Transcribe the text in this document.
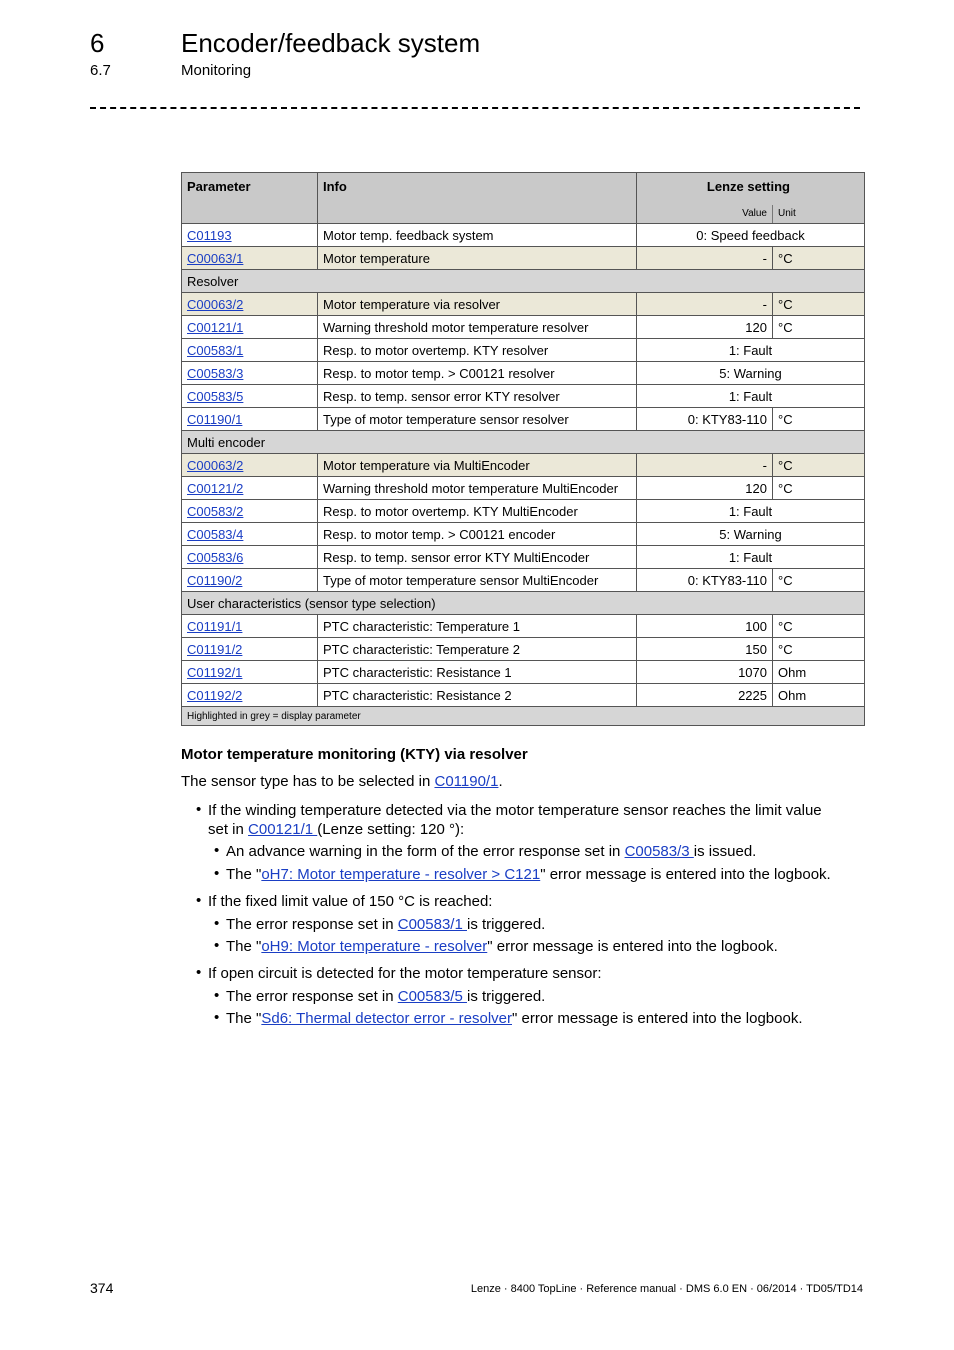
6	Encoder/feedback system
6.7	Monitoring
Parameter	Info	Lenze setting
Value Unit	

C01193	Motor temp. feedback system	0: Speed feedback	
C00063/1	Motor temperature	-	°C
Resolver			
C00063/2	Motor temperature via resolver	-	°C
C00121/1	Warning threshold motor temperature resolver	120	°C
C00583/1	Resp. to motor overtemp. KTY resolver	1: Fault	
C00583/3	Resp. to motor temp. > C00121 resolver	5: Warning	
C00583/5	Resp. to temp. sensor error KTY resolver	1: Fault	
C01190/1	Type of motor temperature sensor resolver	0: KTY83-110	°C
Multi encoder			
C00063/2	Motor temperature via MultiEncoder	-	°C
C00121/2	Warning threshold motor temperature MultiEncoder	120	°C
C00583/2	Resp. to motor overtemp. KTY MultiEncoder	1: Fault	
C00583/4	Resp. to motor temp. > C00121 encoder	5: Warning	
C00583/6	Resp. to temp. sensor error KTY MultiEncoder	1: Fault	
C01190/2	Type of motor temperature sensor MultiEncoder	0: KTY83-110	°C
User characteristics (sensor type selection)			
C01191/1	PTC characteristic: Temperature 1	100	°C
C01191/2	PTC characteristic: Temperature 2	150	°C
C01192/1	PTC characteristic: Resistance 1	1070	Ohm
C01192/2	PTC characteristic: Resistance 2	2225	Ohm
Highlighted in grey = display parameter			
Motor temperature monitoring (KTY) via resolver
The sensor type has to be selected in C01190/1.
• If the winding temperature detected via the motor temperature sensor reaches the limit value
set in C00121/1 (Lenze setting: 120 °):
• An advance warning in the form of the error response set in C00583/3 is issued.
• The "oH7: Motor temperature - resolver > C121" error message is entered into the logbook.
• If the fixed limit value of 150 °C is reached:
• The error response set in C00583/1 is triggered.
• The "oH9: Motor temperature - resolver" error message is entered into the logbook.
• If open circuit is detected for the motor temperature sensor:
• The error response set in C00583/5 is triggered.
• The "Sd6: Thermal detector error - resolver" error message is entered into the logbook.
374	Lenze · 8400 TopLine · Reference manual · DMS 6.0 EN · 06/2014 · TD05/TD14
